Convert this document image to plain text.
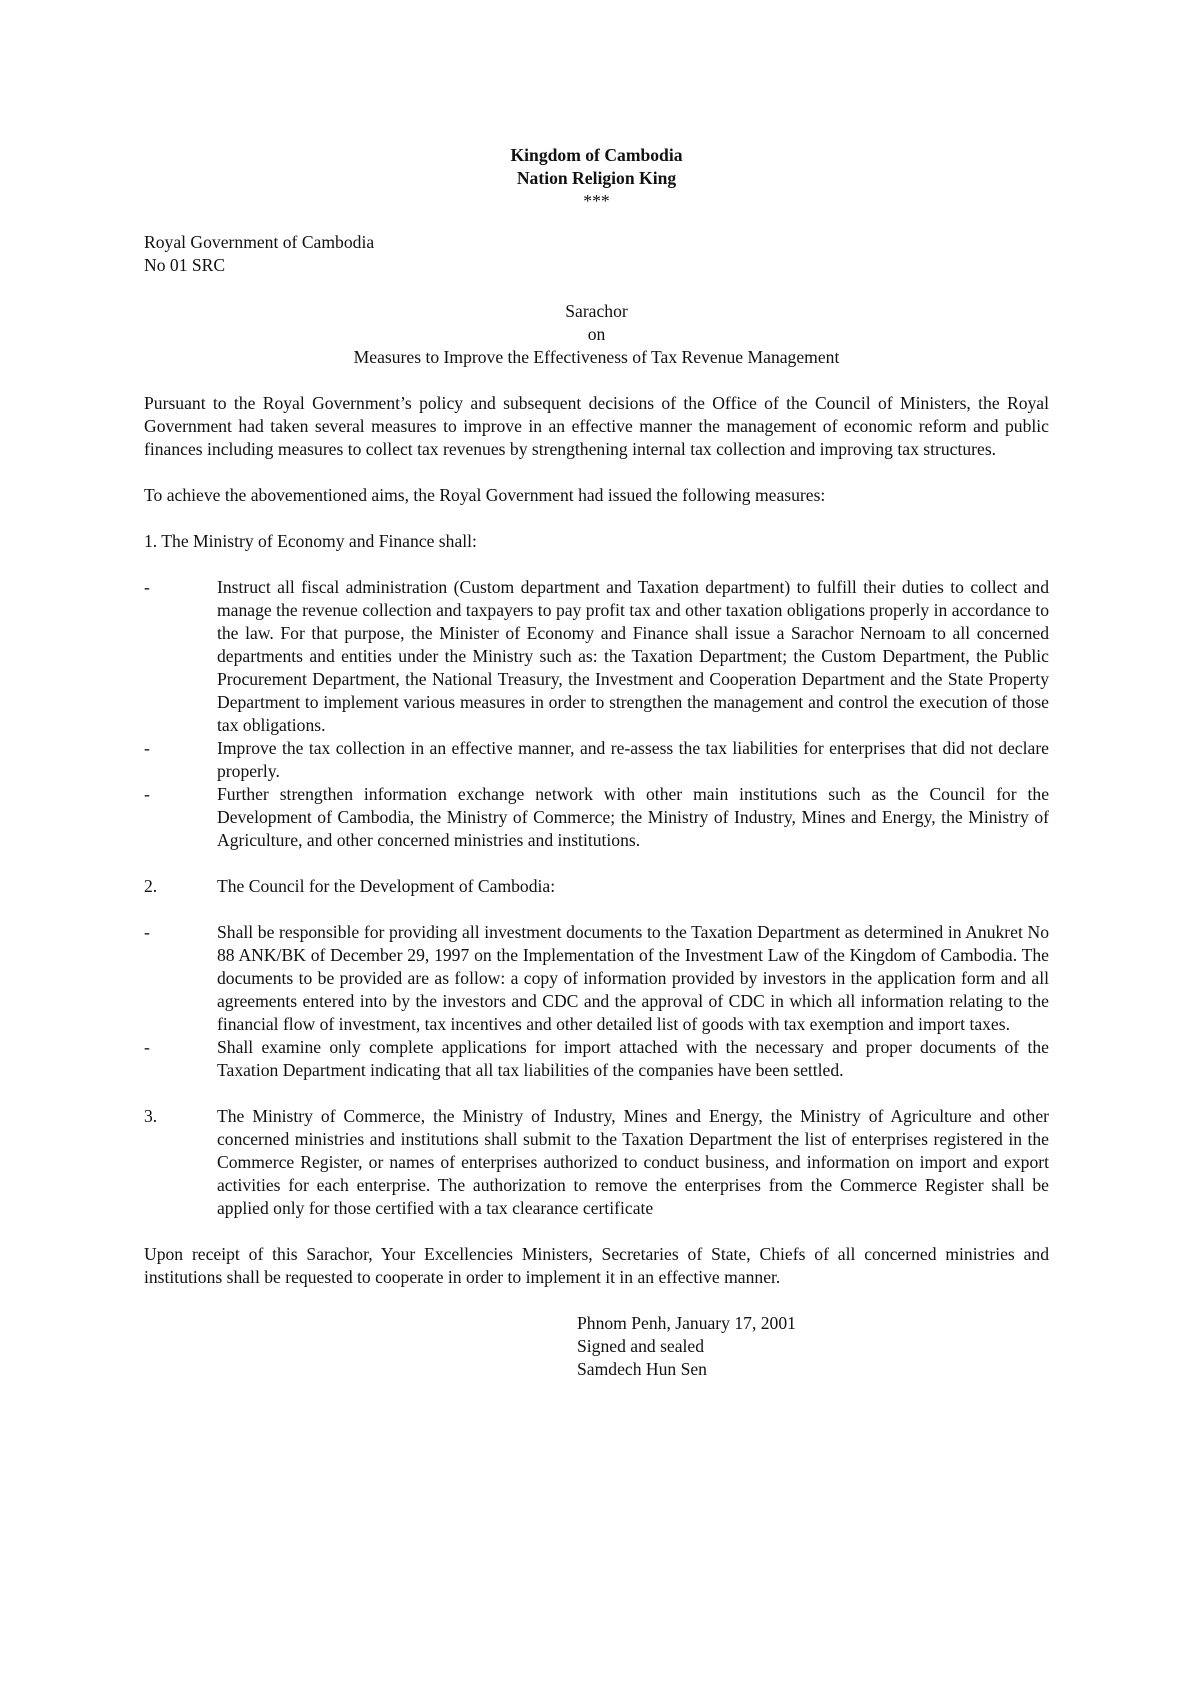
Kingdom of Cambodia

Nation Religion King

***

Royal Government of Cambodia

No 01 SRC

Sarachor

on

Measures to Improve the Effectiveness of Tax Revenue Management

Pursuant to the Royal Government’s policy and subsequent decisions of the Office of the Council of Ministers, the Royal Government had taken several measures to improve in an effective manner the management of economic reform and public finances including measures to collect tax revenues by strengthening internal tax collection and improving tax structures.

To achieve the abovementioned aims, the Royal Government had issued the following measures:

1. The Ministry of Economy and Finance shall:

-	Instruct all fiscal administration (Custom department and Taxation department) to fulfill their duties to collect and manage the revenue collection and taxpayers to pay profit tax and other taxation obligations properly in accordance to the law. For that purpose, the Minister of Economy and Finance shall issue a Sarachor Nernoam to all concerned departments and entities under the Ministry such as: the Taxation Department; the Custom Department, the Public Procurement Department, the National Treasury, the Investment and Cooperation Department and the State Property Department to implement various measures in order to strengthen the management and control the execution of those tax obligations.

-	Improve the tax collection in an effective manner, and re-assess the tax liabilities for enterprises that did not declare properly.

-	Further strengthen information exchange network with other main institutions such as the Council for the Development of Cambodia, the Ministry of Commerce; the Ministry of Industry, Mines and Energy, the Ministry of Agriculture, and other concerned ministries and institutions.

2.	The Council for the Development of Cambodia:

-	Shall be responsible for providing all investment documents to the Taxation Department as determined in Anukret No 88 ANK/BK of December 29, 1997 on the Implementation of the Investment Law of the Kingdom of Cambodia. The documents to be provided are as follow: a copy of information provided by investors in the application form and all agreements entered into by the investors and CDC and the approval of CDC in which all information relating to the financial flow of investment, tax incentives and other detailed list of goods with tax exemption and import taxes.

-	Shall examine only complete applications for import attached with the necessary and proper documents of the Taxation Department indicating that all tax liabilities of the companies have been settled.

3.	The Ministry of Commerce, the Ministry of Industry, Mines and Energy, the Ministry of Agriculture and other concerned ministries and institutions shall submit to the Taxation Department the list of enterprises registered in the Commerce Register, or names of enterprises authorized to conduct business, and information on import and export activities for each enterprise. The authorization to remove the enterprises from the Commerce Register shall be applied only for those certified with a tax clearance certificate

Upon receipt of this Sarachor, Your Excellencies Ministers, Secretaries of State, Chiefs of all concerned ministries and institutions shall be requested to cooperate in order to implement it in an effective manner.

Phnom Penh, January 17, 2001

Signed and sealed

Samdech Hun Sen
